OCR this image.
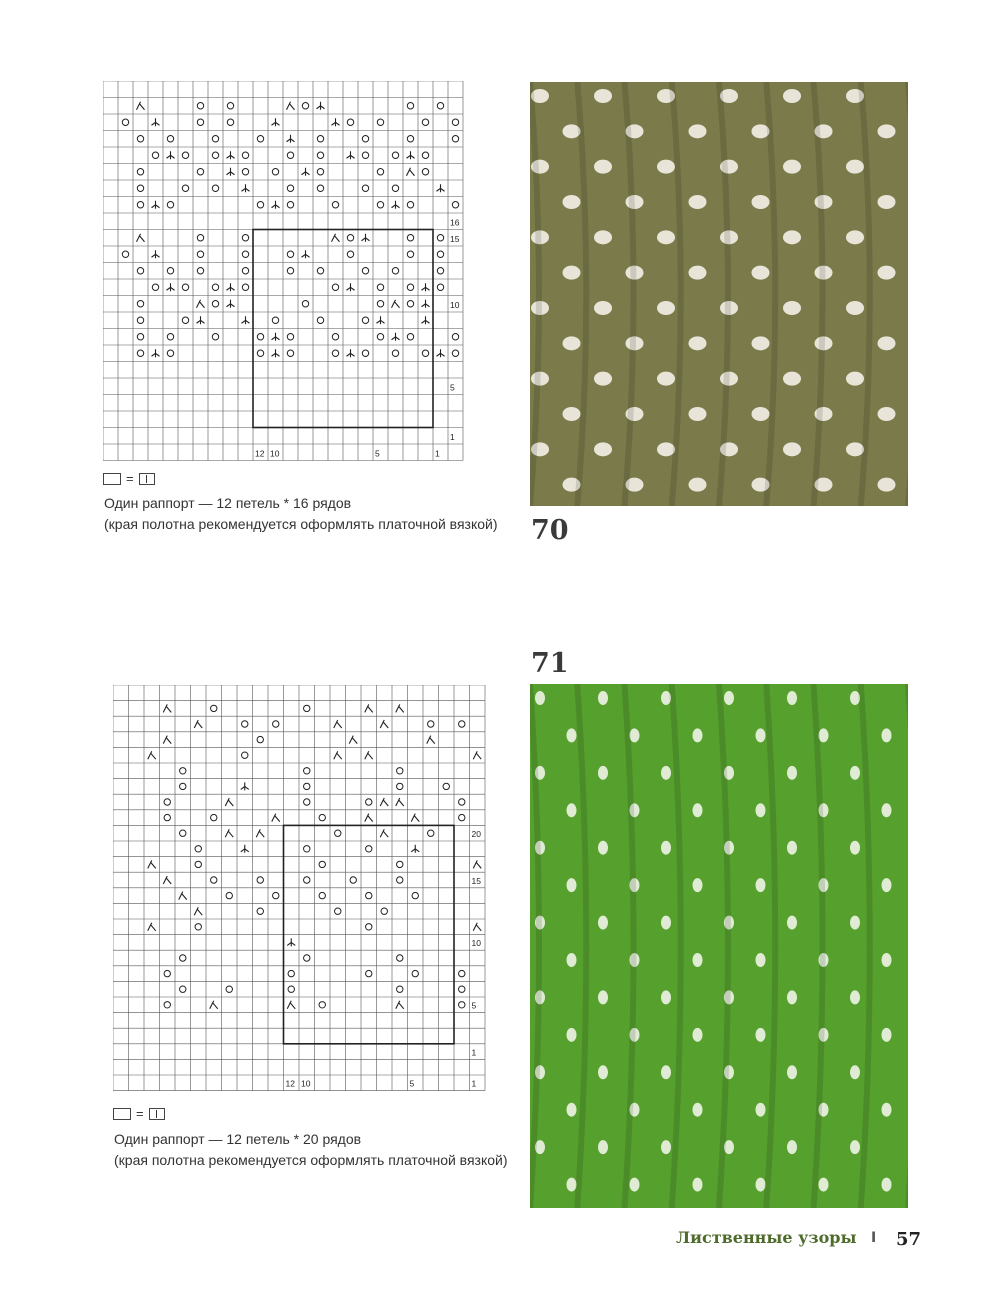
16
15
10
5
1
12 10	5	1
=
Один раппорт — 12 петель * 16 рядов
(края полотна рекомендуется оформлять платочной вязкой) 70
71
20
15
10
5
1
12 10	5	1
=
Один раппорт — 12 петель * 20 рядов
(края полотна рекомендуется оформлять платочной вязкой)
Лиственные узоры I 57
